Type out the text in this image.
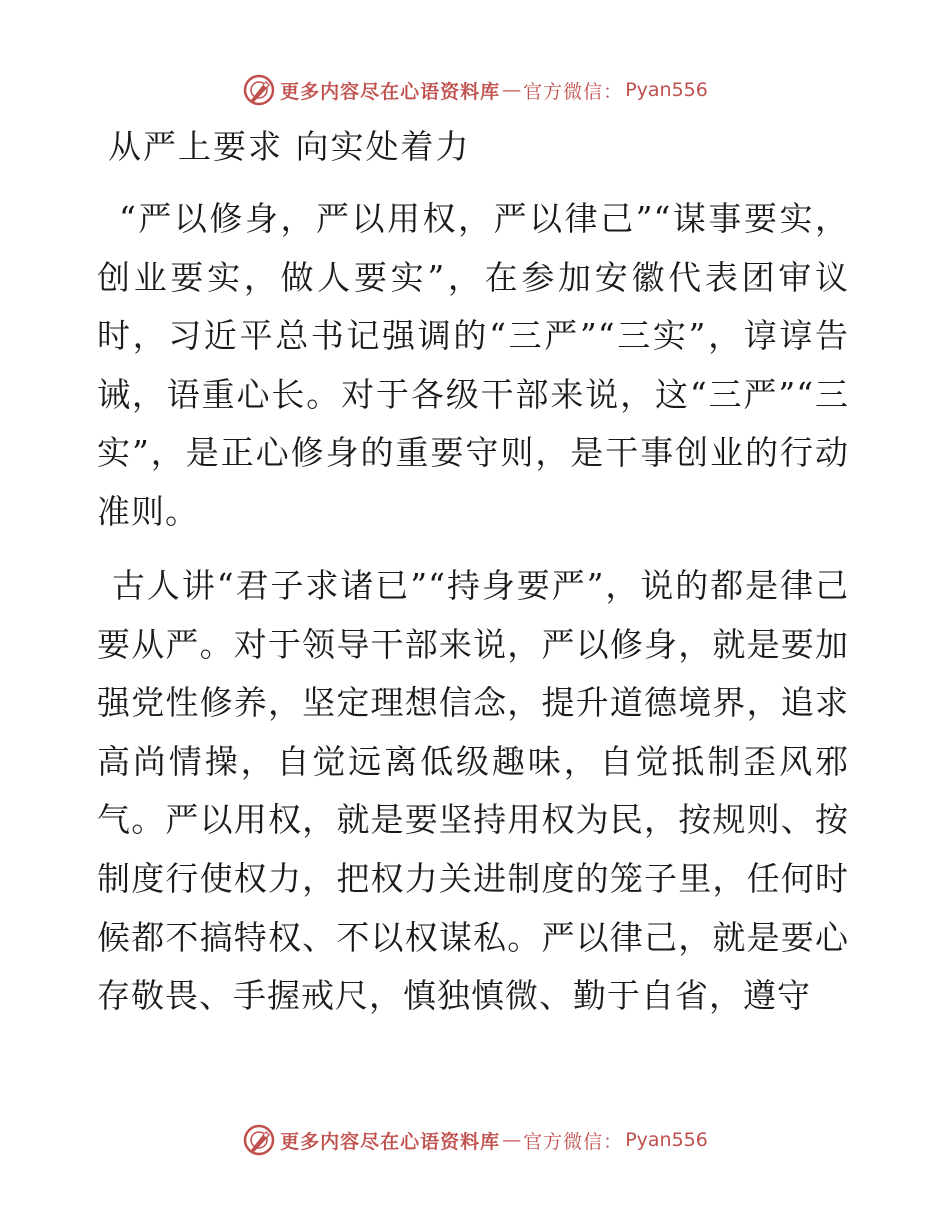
更多内容尽在心语资料库 — 官方微信： Pyan556
从严上要求 向实处着力

“严以修身，严以用权，严以律己”“谋事要实，创业要实，做人要实”，在参加安徽代表团审议时，习近平总书记强调的“三严”“三实”，谆谆告诫，语重心长。对于各级干部来说，这“三严”“三实”，是正心修身的重要守则，是干事创业的行动准则。

古人讲“君子求诸已”“持身要严”，说的都是律己要从严。对于领导干部来说，严以修身，就是要加强党性修养，坚定理想信念，提升道德境界，追求高尚情操，自觉远离低级趣味，自觉抵制歪风邪气。严以用权，就是要坚持用权为民，按规则、按制度行使权力，把权力关进制度的笼子里，任何时候都不搞特权、不以权谋私。严以律己，就是要心存敬畏、手握戒尺，慎独慎微、勤于自省，遵守

更多内容尽在心语资料库 — 官方微信： Pyan556
